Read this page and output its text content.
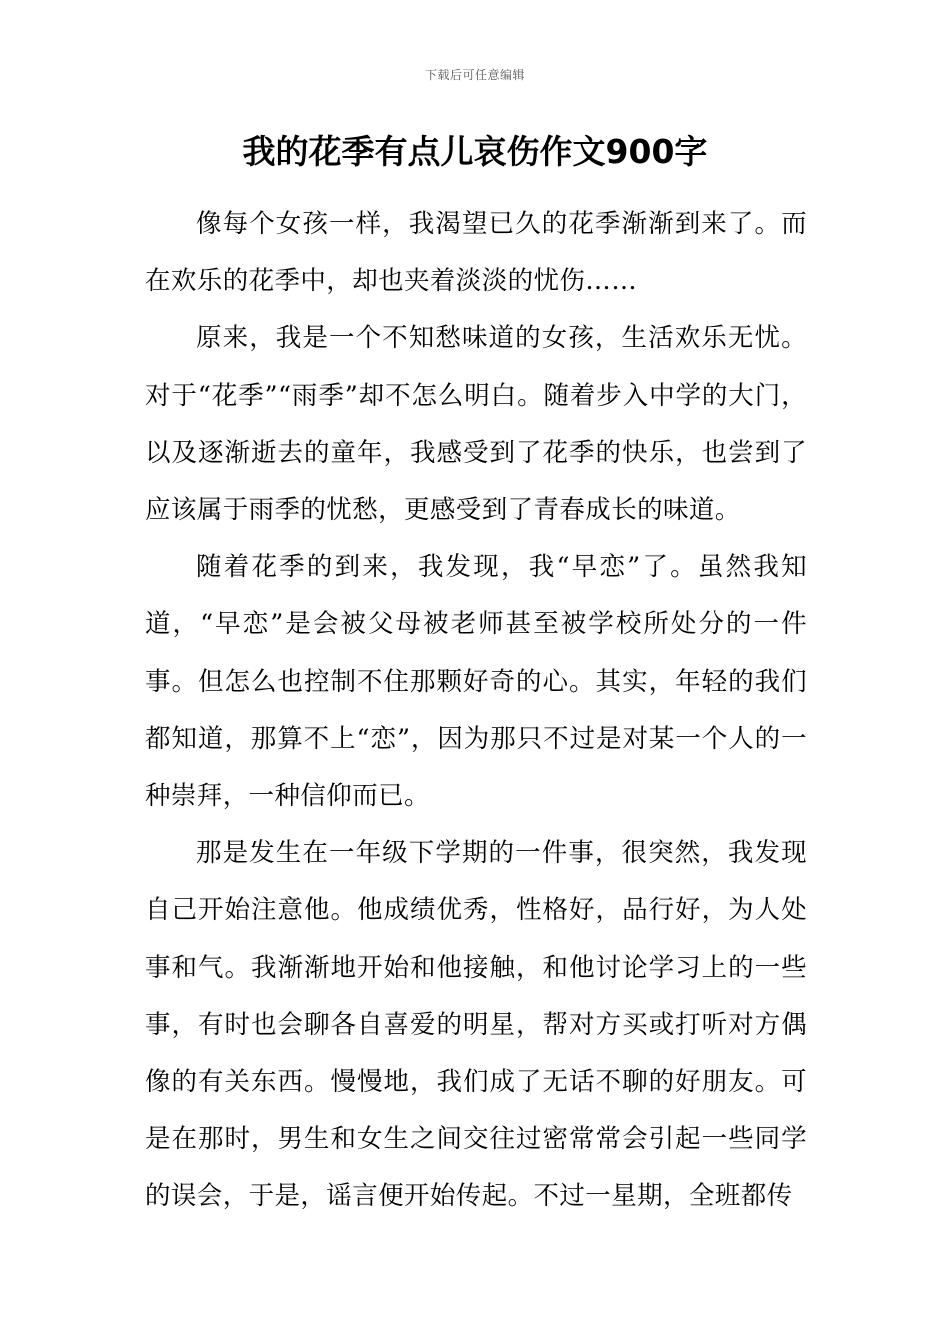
下载后可任意编辑
我的花季有点儿哀伤作文900字

像每个女孩一样，我渴望已久的花季渐渐到来了。而在欢乐的花季中，却也夹着淡淡的忧伤……

原来，我是一个不知愁味道的女孩，生活欢乐无忧。对于“花季”“雨季”却不怎么明白。随着步入中学的大门，以及逐渐逝去的童年，我感受到了花季的快乐，也尝到了应该属于雨季的忧愁，更感受到了青春成长的味道。

随着花季的到来，我发现，我“早恋”了。虽然我知道，“早恋”是会被父母被老师甚至被学校所处分的一件事。但怎么也控制不住那颗好奇的心。其实，年轻的我们都知道，那算不上“恋”，因为那只不过是对某一个人的一种崇拜，一种信仰而已。

那是发生在一年级下学期的一件事，很突然，我发现自己开始注意他。他成绩优秀，性格好，品行好，为人处事和气。我渐渐地开始和他接触，和他讨论学习上的一些事，有时也会聊各自喜爱的明星，帮对方买或打听对方偶像的有关东西。慢慢地，我们成了无话不聊的好朋友。可是在那时，男生和女生之间交往过密常常会引起一些同学的误会，于是，谣言便开始传起。不过一星期，全班都传
